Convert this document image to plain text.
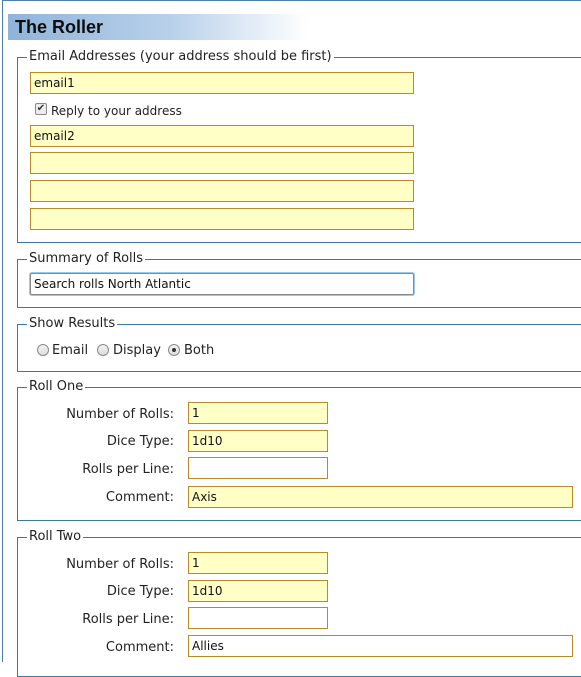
The Roller
Email Addresses (your address should be first)
email1
✔ Reply to your address
email2
Summary of Rolls
Search rolls North Atlantic
Show Results
Email Display Both
Roll One
Number of Rolls:	1
Dice Type:	1d10
Rolls per Line:
Comment:	Axis
Roll Two
Number of Rolls:	1
Dice Type:	1d10
Rolls per Line:
Comment:	Allies
